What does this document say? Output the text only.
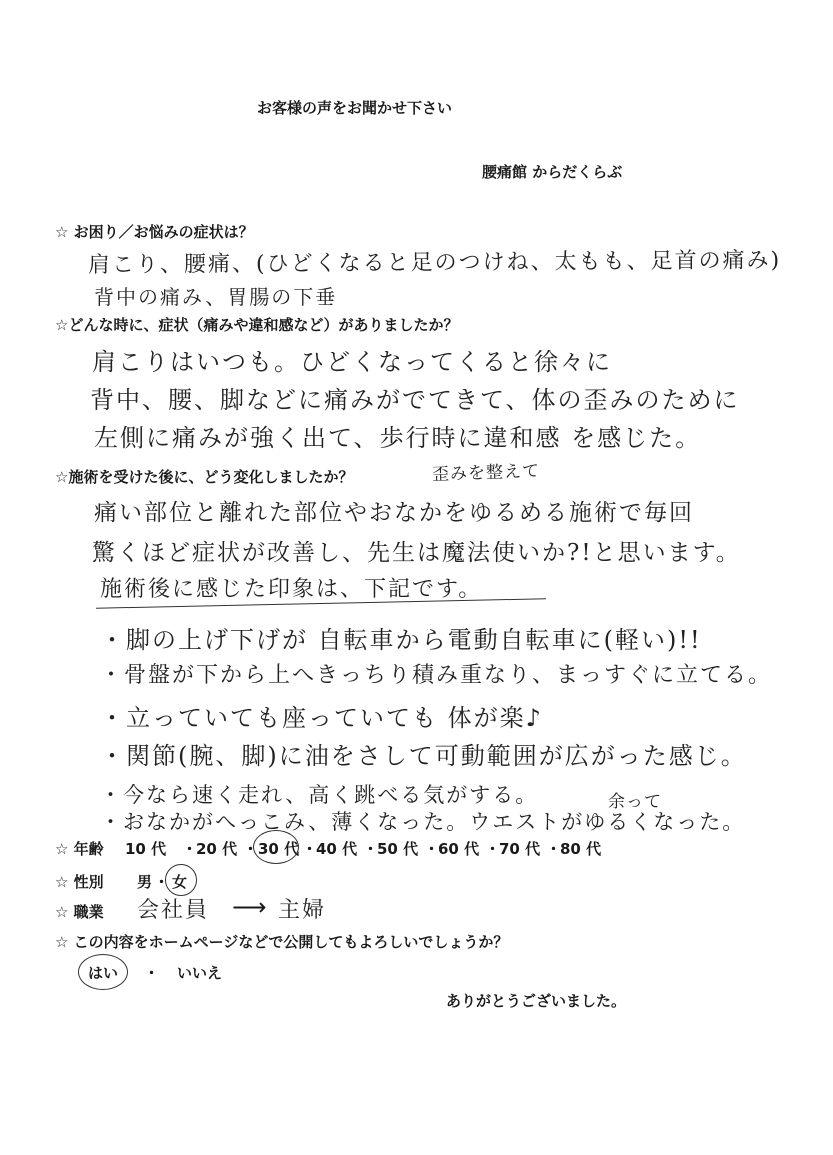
お客様の声をお聞かせ下さい
腰痛館 からだくらぶ
☆ お困り／お悩みの症状は？
肩こり、腰痛、(ひどくなると足のつけね、太もも、足首の痛み)
背中の痛み、胃腸の下垂
☆どんな時に、症状（痛みや違和感など）がありましたか？
肩こりはいつも。ひどくなってくると徐々に
背中、腰、脚などに痛みがでてきて、体の歪みのために
左側に痛みが強く出て、歩行時に違和感 を感じた。
☆施術を受けた後に、どう変化しましたか？	歪みを整えて
痛い部位と離れた部位やおなかをゆるめる施術で毎回
驚くほど症状が改善し、先生は魔法使いか?!と思います。
施術後に感じた印象は、下記です。
・脚の上げ下げが 自転車から電動自転車に(軽い)!!
・骨盤が下から上へきっちり積み重なり、まっすぐに立てる。
・立っていても座っていても 体が楽♪
・関節(腕、脚)に油をさして可動範囲が広がった感じ。
・今なら速く走れ、高く跳べる気がする。	余って
・おなかがへっこみ、薄くなった。ウエストがゆるくなった。
☆ 年齢 10 代 ・
20 代 ・ 30 代 ・
40 代 ・
50 代 ・
60 代 ・
70 代 ・
80 代
☆ 性別 男 ・ 女
☆ 職業 会社員 ⟶ 主婦
☆ この内容をホームページなどで公開してもよろしいでしょうか？
はい ・ いいえ
ありがとうございました。
